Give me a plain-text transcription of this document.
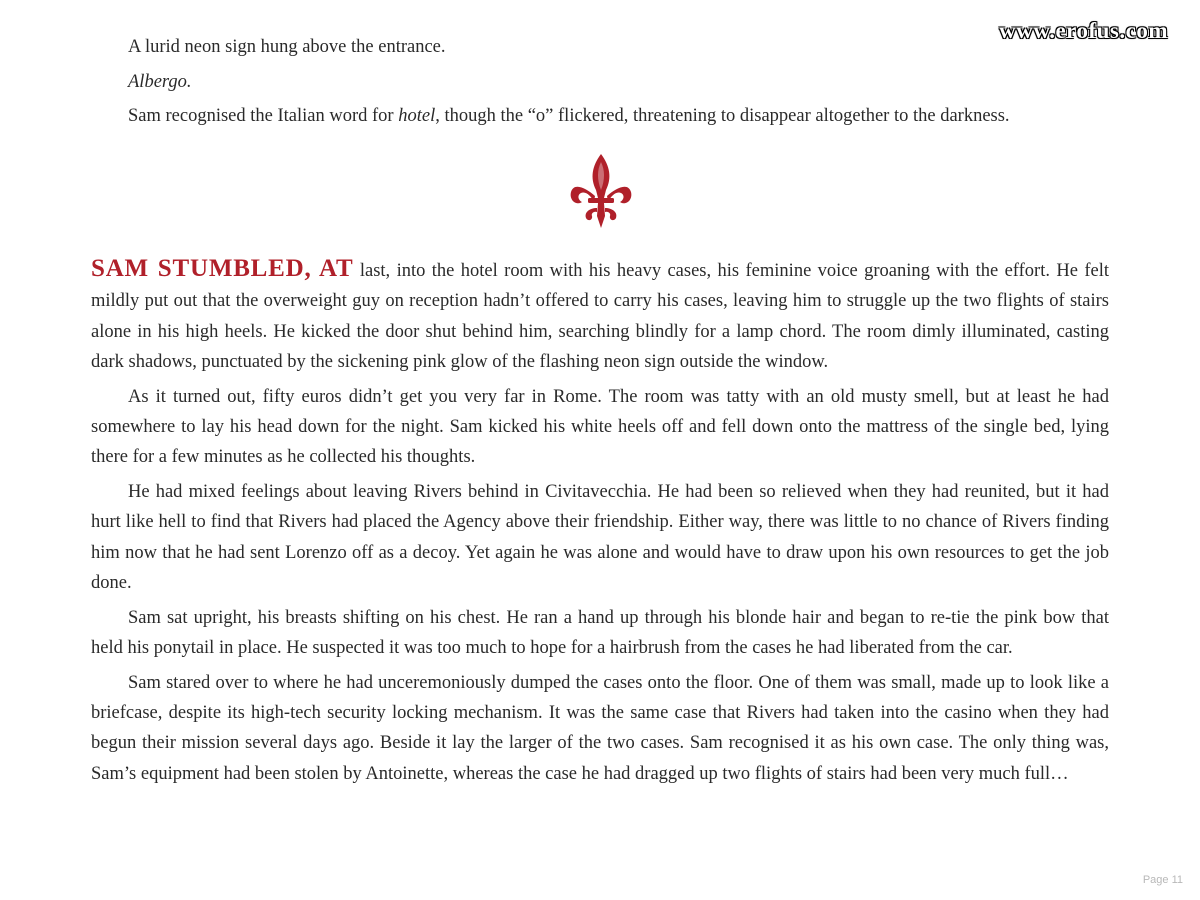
www.erofus.com

A lurid neon sign hung above the entrance.

Albergo.

Sam recognised the Italian word for hotel, though the “o” flickered, threatening to disappear altogether to the darkness.

SAM STUMBLED, AT last, into the hotel room with his heavy cases, his feminine voice groaning with the effort. He felt mildly put out that the overweight guy on reception hadn’t offered to carry his cases, leaving him to struggle up the two flights of stairs alone in his high heels. He kicked the door shut behind him, searching blindly for a lamp chord. The room dimly illuminated, casting dark shadows, punctuated by the sickening pink glow of the flashing neon sign outside the window.

As it turned out, fifty euros didn’t get you very far in Rome. The room was tatty with an old musty smell, but at least he had somewhere to lay his head down for the night. Sam kicked his white heels off and fell down onto the mattress of the single bed, lying there for a few minutes as he collected his thoughts.

He had mixed feelings about leaving Rivers behind in Civitavecchia. He had been so relieved when they had reunited, but it had hurt like hell to find that Rivers had placed the Agency above their friendship. Either way, there was little to no chance of Rivers finding him now that he had sent Lorenzo off as a decoy. Yet again he was alone and would have to draw upon his own resources to get the job done.

Sam sat upright, his breasts shifting on his chest. He ran a hand up through his blonde hair and began to re-tie the pink bow that held his ponytail in place. He suspected it was too much to hope for a hairbrush from the cases he had liberated from the car.

Sam stared over to where he had unceremoniously dumped the cases onto the floor. One of them was small, made up to look like a briefcase, despite its high-tech security locking mechanism. It was the same case that Rivers had taken into the casino when they had begun their mission several days ago. Beside it lay the larger of the two cases. Sam recognised it as his own case. The only thing was, Sam’s equipment had been stolen by Antoinette, whereas the case he had dragged up two flights of stairs had been very much full…

Page 11
